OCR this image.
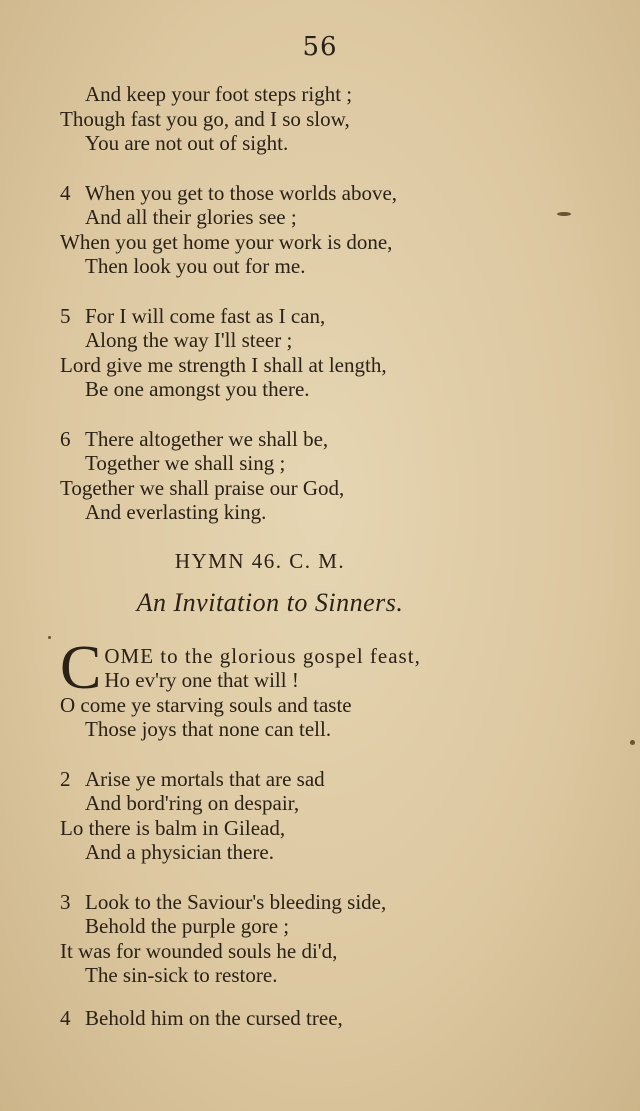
56
And keep your foot steps right ;
Though fast you go, and I so slow,
You are not out of sight.
4 When you get to those worlds above,
And all their glories see ;
When you get home your work is done,
Then look you out for me.
5 For I will come fast as I can,
Along the way I'll steer ;
Lord give me strength I shall at length,
Be one amongst you there.
6 There altogether we shall be,
Together we shall sing ;
Together we shall praise our God,
And everlasting king.
HYMN 46. C. M.
An Invitation to Sinners.
C OME to the glorious gospel feast,
Ho ev'ry one that will !
O come ye starving souls and taste
Those joys that none can tell.
2 Arise ye mortals that are sad
And bord'ring on despair,
Lo there is balm in Gilead,
And a physician there.
3 Look to the Saviour's bleeding side,
Behold the purple gore ;
It was for wounded souls he di'd,
The sin-sick to restore.
4 Behold him on the cursed tree,
